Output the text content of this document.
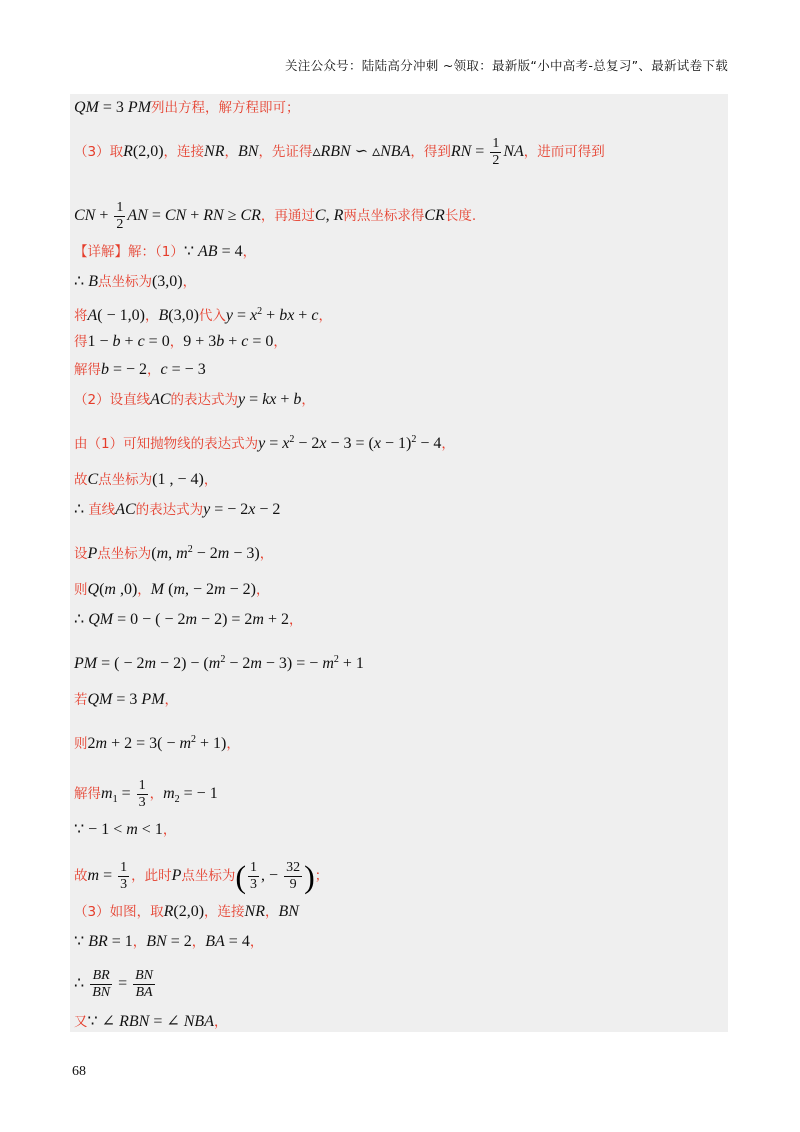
关注公众号：陆陆高分冲刺 ~领取：最新版“小中高考-总复习”、最新试卷下载
QM = 3 PM列出方程，解方程即可；
（3）取R(2,0)，连接NR，BN，先证得▵RBN ∽ ▵NBA，得到RN = $\frac{1}{2}$ NA，进而可得到
CN + $\frac{1}{2}$ AN = CN + RN ≥ CR，再通过C, R两点坐标求得CR长度.
【详解】解：（1）∵ AB = 4，
∴ B点坐标为(3,0)，
将A( − 1,0)，B(3,0)代入$y = x^2$ + bx + c，
得1 − b + c = 0，9 + 3b + c = 0，
解得b = − 2，c = − 3
（2）设直线AC的表达式为y = kx + b，
由（1）可知抛物线的表达式为$y = x^2 - 2x - 3 = (x - 1)^2 - 4$，
故C点坐标为(1 , − 4)，
∴ 直线AC的表达式为y = − 2x − 2
设P点坐标为(m, $m^2 - 2m - 3$)，
则Q(m ,0)，M (m, − 2m − 2)，
∴ QM = 0 − ( − 2m − 2) = 2m + 2，
PM = ( − $2m - 2) - (m^2 - 2m - 3)$ = − $m^2 + 1$
若QM = 3 PM，
则$2m + 2 = 3( - m^2 + 1)$，
解得$m_1 = \frac{1}{3}$ ，$m_2$ = − 1
∵ − 1 < m < 1，
故$m = \frac{1}{3}$ ，此时P点坐标为( $\frac{1}{3}$ , − $\frac{32}{9}$ )；
（3）如图，取R(2,0)，连接NR，BN
∵ BR = 1，BN = 2，BA = 4，
∴ $\frac{BR}{BN} = \frac{BN}{BA}$
又∵ ∠ RBN = ∠ NBA，
68
